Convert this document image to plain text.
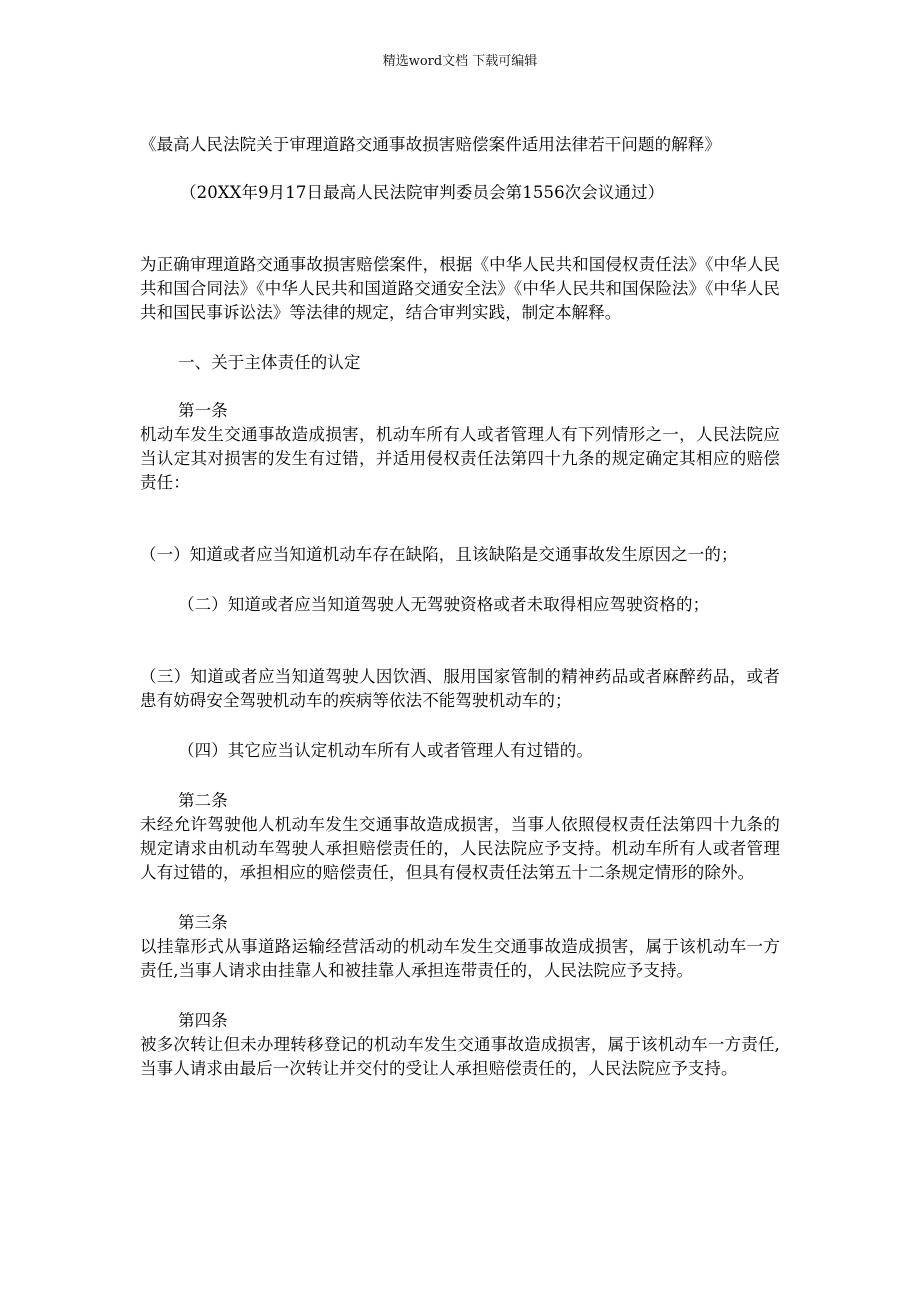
精选word文档 下载可编辑

《最高人民法院关于审理道路交通事故损害赔偿案件适用法律若干问题的解释》

（20XX年9月17日最高人民法院审判委员会第1556次会议通过）

为正确审理道路交通事故损害赔偿案件，根据《中华人民共和国侵权责任法》《中华人民共和国合同法》《中华人民共和国道路交通安全法》《中华人民共和国保险法》《中华人民共和国民事诉讼法》等法律的规定，结合审判实践，制定本解释。

一、关于主体责任的认定

第一条

机动车发生交通事故造成损害，机动车所有人或者管理人有下列情形之一，人民法院应当认定其对损害的发生有过错，并适用侵权责任法第四十九条的规定确定其相应的赔偿责任：

（一）知道或者应当知道机动车存在缺陷，且该缺陷是交通事故发生原因之一的；

（二）知道或者应当知道驾驶人无驾驶资格或者未取得相应驾驶资格的；

（三）知道或者应当知道驾驶人因饮酒、服用国家管制的精神药品或者麻醉药品，或者患有妨碍安全驾驶机动车的疾病等依法不能驾驶机动车的；

（四）其它应当认定机动车所有人或者管理人有过错的。

第二条

未经允许驾驶他人机动车发生交通事故造成损害，当事人依照侵权责任法第四十九条的规定请求由机动车驾驶人承担赔偿责任的，人民法院应予支持。机动车所有人或者管理人有过错的，承担相应的赔偿责任，但具有侵权责任法第五十二条规定情形的除外。

第三条

以挂靠形式从事道路运输经营活动的机动车发生交通事故造成损害，属于该机动车一方责任,当事人请求由挂靠人和被挂靠人承担连带责任的，人民法院应予支持。

第四条

被多次转让但未办理转移登记的机动车发生交通事故造成损害，属于该机动车一方责任,当事人请求由最后一次转让并交付的受让人承担赔偿责任的，人民法院应予支持。
